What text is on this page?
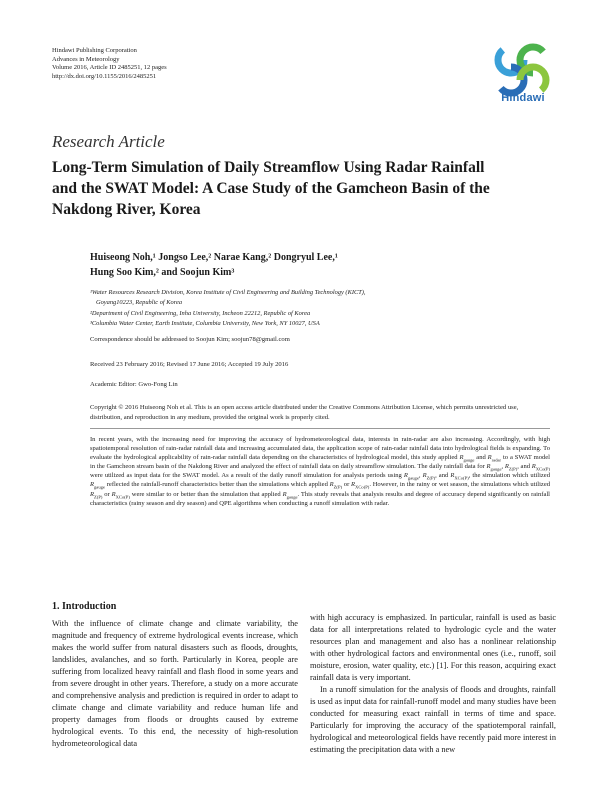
Hindawi Publishing Corporation
Advances in Meteorology
Volume 2016, Article ID 2485251, 12 pages
http://dx.doi.org/10.1155/2016/2485251
Hindawi
Research Article
Long-Term Simulation of Daily Streamflow Using Radar Rainfall and the SWAT Model: A Case Study of the Gamcheon Basin of the Nakdong River, Korea
Huiseong Noh,¹ Jongso Lee,² Narae Kang,² Dongryul Lee,¹
Hung Soo Kim,² and Soojun Kim³
¹Water Resources Research Division, Korea Institute of Civil Engineering and Building Technology (KICT),
Goyang10223, Republic of Korea
²Department of Civil Engineering, Inha University, Incheon 22212, Republic of Korea
³Columbia Water Center, Earth Institute, Columbia University, New York, NY 10027, USA
Correspondence should be addressed to Soojun Kim; soojun78@gmail.com
Received 23 February 2016; Revised 17 June 2016; Accepted 19 July 2016
Academic Editor: Gwo-Fong Lin
Copyright © 2016 Huiseong Noh et al. This is an open access article distributed under the Creative Commons Attribution License, which permits unrestricted use, distribution, and reproduction in any medium, provided the original work is properly cited.
In recent years, with the increasing need for improving the accuracy of hydrometeorological data, interests in rain-radar are also increasing. Accordingly, with high spatiotemporal resolution of rain-radar rainfall data and increasing accumulated data, the application scope of rain-radar rainfall data into hydrological fields is expanding. To evaluate the hydrological applicability of rain-radar rainfall data depending on the characteristics of hydrological model, this study applied $R_{gauge}$ and $R_{radar}$ to a SWAT model in the Gamcheon stream basin of the Nakdong River and analyzed the effect of rainfall data on daily streamflow simulation. The daily rainfall data for $R_{gauge}$, $R_{Z(P)}$, and $R_{XCo(P)}$ were utilized as input data for the SWAT model. As a result of the daily runoff simulation for analysis periods using $R_{gauge}$, $R_{Z(P)}$, and $R_{XCo(P)}$, the simulation which utilized $R_{gauge}$ reflected the rainfall-runoff characteristics better than the simulations which applied $R_{Z(P)}$ or $R_{XCo(P)}$. However, in the rainy or wet season, the simulations which utilized $R_{Z(P)}$ or $R_{XCo(P)}$ were similar to or better than the simulation that applied $R_{gauge}$. This study reveals that analysis results and degree of accuracy depend significantly on rainfall characteristics (rainy season and dry season) and QPE algorithms when conducting a runoff simulation with radar.
1. Introduction

With the influence of climate change and climate variability, the magnitude and frequency of extreme hydrological events increase, which makes the world suffer from natural disasters such as floods, droughts, landslides, avalanches, and so forth. Particularly in Korea, people are suffering from localized heavy rainfall and flash flood in some years and from severe drought in other years. Therefore, a study on a more accurate and comprehensive analysis and prediction is required in order to adapt to climate change and climate variability and reduce human life and property damages from floods or droughts caused by extreme hydrological events. To this end, the necessity of high-resolution hydrometeorological data

with high accuracy is emphasized. In particular, rainfall is used as basic data for all interpretations related to hydrologic cycle and the water resources plan and management and also has a nonlinear relationship with other hydrological factors and environmental ones (i.e., runoff, soil moisture, erosion, water quality, etc.) [1]. For this reason, acquiring exact rainfall data is very important.

In a runoff simulation for the analysis of floods and droughts, rainfall is used as input data for rainfall-runoff model and many studies have been conducted for measuring exact rainfall in terms of time and space. Particularly for improving the accuracy of the spatiotemporal rainfall, hydrological and meteorological fields have recently paid more interest in estimating the precipitation data with a new
